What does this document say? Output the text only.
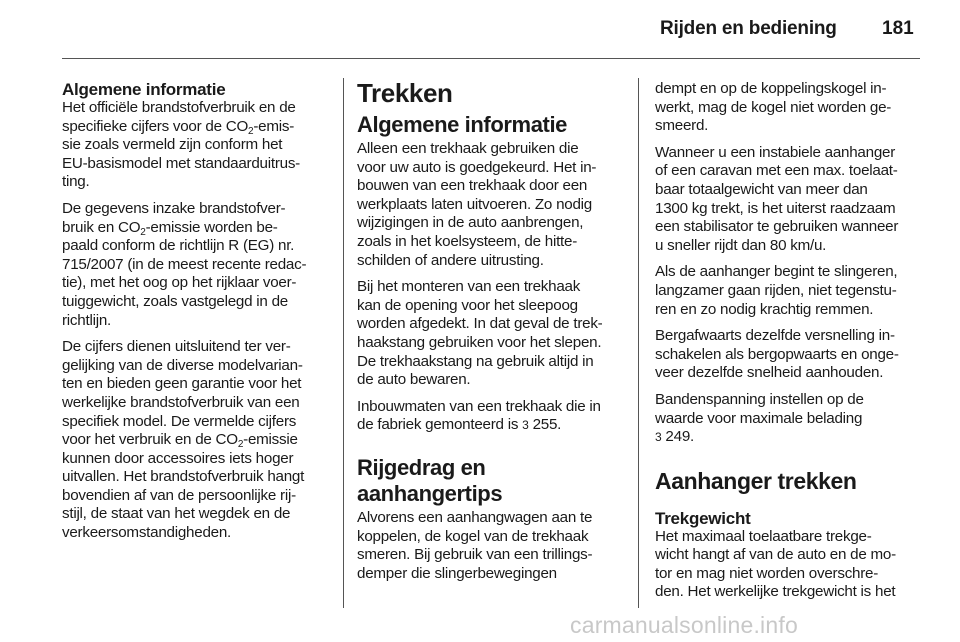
Rijden en bediening 181
Algemene informatie
Het officiële brandstofverbruik en de
specifieke cijfers voor de $CO_2-emis-$
sie zoals vermeld zijn conform het
EU-basismodel met standaarduitrus-
ting.
De gegevens inzake brandstofver-
bruik en $CO_2$-emissie worden be-
paald conform de richtlijn R (EG) nr.
715/2007 (in de meest recente redac-
tie), met het oog op het rijklaar voer-
tuiggewicht, zoals vastgelegd in de
richtlijn.
De cijfers dienen uitsluitend ter ver-
gelijking van de diverse modelvarian-
ten en bieden geen garantie voor het
werkelijke brandstofverbruik van een
specifiek model. De vermelde cijfers
voor het verbruik en de $CO_2$-emissie
kunnen door accessoires iets hoger
uitvallen. Het brandstofverbruik hangt
bovendien af van de persoonlijke rij-
stijl, de staat van het wegdek en de
verkeersomstandigheden.
Trekken
Algemene informatie
Alleen een trekhaak gebruiken die
voor uw auto is goedgekeurd. Het in-
bouwen van een trekhaak door een
werkplaats laten uitvoeren. Zo nodig
wijzigingen in de auto aanbrengen,
zoals in het koelsysteem, de hitte-
schilden of andere uitrusting.
Bij het monteren van een trekhaak
kan de opening voor het sleepoog
worden afgedekt. In dat geval de trek-
haakstang gebruiken voor het slepen.
De trekhaakstang na gebruik altijd in
de auto bewaren.
Inbouwmaten van een trekhaak die in
de fabriek gemonteerd is 3 255.
Rijgedrag en
aanhangertips
Alvorens een aanhangwagen aan te
koppelen, de kogel van de trekhaak
smeren. Bij gebruik van een trillings-
demper die slingerbewegingen
dempt en op de koppelingskogel in-
werkt, mag de kogel niet worden ge-
smeerd.
Wanneer u een instabiele aanhanger
of een caravan met een max. toelaat-
baar totaalgewicht van meer dan
1300 kg trekt, is het uiterst raadzaam
een stabilisator te gebruiken wanneer
u sneller rijdt dan 80 km/u.
Als de aanhanger begint te slingeren,
langzamer gaan rijden, niet tegenstu-
ren en zo nodig krachtig remmen.
Bergafwaarts dezelfde versnelling in-
schakelen als bergopwaarts en onge-
veer dezelfde snelheid aanhouden.
Bandenspanning instellen op de
waarde voor maximale belading
3 249.
Aanhanger trekken
Trekgewicht
Het maximaal toelaatbare trekge-
wicht hangt af van de auto en de mo-
tor en mag niet worden overschre-
den. Het werkelijke trekgewicht is het
carmanualsonline.info
